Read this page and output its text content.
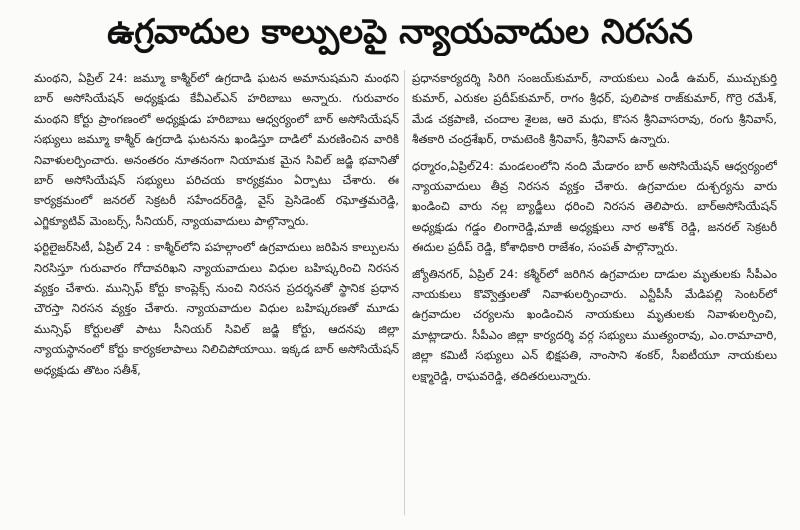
ఉగ్రవాదుల కాల్పులపై న్యాయవాదుల నిరసన

మంథని, ఏప్రిల్ 24: జమ్మూ కాశ్మీర్‌లో ఉగ్రదాడి ఘటన అమానుషమని మంథని బార్ అసోసియేషన్ అధ్యక్షుడు కేవీఎల్ఎన్ హరిబాబు అన్నారు. గురువారం మంథని కోర్టు ప్రాంగణంలో అధ్యక్షుడు హరిబాబు ఆధ్వర్యంలో బార్ అసోసియేషన్ సభ్యులు జమ్మూ కాశ్మీర్ ఉగ్రదాడి ఘటనను ఖండిస్తూ దాడిలో మరణించిన వారికి నివాళులర్పించారు. అనంతరం నూతనంగా నియామక మైన సివిల్ జడ్జి భవానితో బార్ అసోసియేషన్ సభ్యులు పరిచయ కార్యక్రమం ఏర్పాటు చేశారు. ఈ కార్యక్రమంలో జనరల్ సెక్రటరీ సహేందర్‌రెడ్డి, వైస్ ప్రెసిడెంట్ రఘోత్తమరెడ్డి, ఎగ్జిక్యూటివ్ మెంబర్స్, సీనియర్, న్యాయవాదులు పాల్గొన్నారు.

ఫర్టిలైజర్‌సిటీ, ఏప్రిల్ 24 : కాశ్మీర్‌లోని పహల్గాంలో ఉగ్రవాదులు జరిపిన కాల్పులను నిరసిస్తూ గురువారం గోదావరిఖని న్యాయవాదులు విధుల బహిష్కరించి నిరసన వ్యక్తం చేశారు. మున్సిఫ్ కోర్టు కాంప్లెక్స్ నుంచి నిరసన ప్రదర్శనతో స్థానిక ప్రధాన చౌరస్తా నిరసన వ్యక్తం చేశారు. న్యాయవాదుల విధుల బహిష్కరణతో మూడు మున్సిఫ్ కోర్టులతో పాటు సీనియర్ సివిల్ జడ్జి కోర్టు, ఆదనపు జిల్లా న్యాయస్థానంలో కోర్టు కార్యకలాపాలు నిలిచిపోయాయి. ఇక్కడ బార్ అసోసియేషన్ అధ్యక్షుడు తొటం సతీశ్,

ప్రధానకార్యదర్శి సిరిగి సంజయ్‌కుమార్, నాయకులు ఎండీ ఉమర్, ముచ్చుకుర్తి కుమార్, ఎరుకల ప్రదీప్‌కుమార్, రాగం శ్రీధర్, పులిపాక రాజ్‌కుమార్, గొర్రె రమేశ్, మేడ చక్రపాణి, చందాల శైలజ, ఆరె మధు, కొసన శ్రీనివాసరావు, రంగు శ్రీనివాస్, శీతకారి చంద్రశేఖర్, రామటెంకి శ్రీనివాస్, శ్రీనివాస్ ఉన్నారు.

ధర్మారం,ఏప్రిల్24: మండలంలోని నంది మేడారం బార్ అసోసియేషన్ ఆధ్వర్యంలో న్యాయవాదులు తీవ్ర నిరసన వ్యక్తం చేశారు. ఉగ్రవాదుల దుశ్చర్యను వారు ఖండించి వారు నల్ల బ్యాడ్జీలు ధరించి నిరసన తెలిపారు. బార్‌అసోసియేషన్ అధ్యక్షుడు గడ్డం లింగారెడ్డి,మాజీ అధ్యక్షులు నార అశోక్ రెడ్డి, జనరల్ సెక్రటరీ ఈదుల ప్రదీప్ రెడ్డి, కోశాధికారి రాజేశం, సంపత్ పాల్గొన్నారు.

జ్యోతినగర్, ఏప్రిల్ 24: కశ్మీర్‌లో జరిగిన ఉగ్రవాదుల దాడుల మృతులకు సీపీఎం నాయకులు కొవ్వొత్తులతో నివాళులర్పించారు. ఎన్టీపీసీ మేడిపల్లి సెంటర్‌లో ఉగ్రవాదుల చర్యలను ఖండించిన నాయకులు మృతులకు నివాళులర్పించి, మాట్లాడారు. సీపీఎం జిల్లా కార్యదర్శి వర్గ సభ్యులు ముత్యంరావు, ఎం.రామాచారి, జిల్లా కమిటీ సభ్యులు ఎన్ భిక్షపతి, నాంసాని శంకర్, సీఐటీయూ నాయకులు లక్ష్మారెడ్డి, రాఘవరెడ్డి, తదితరులున్నారు.
